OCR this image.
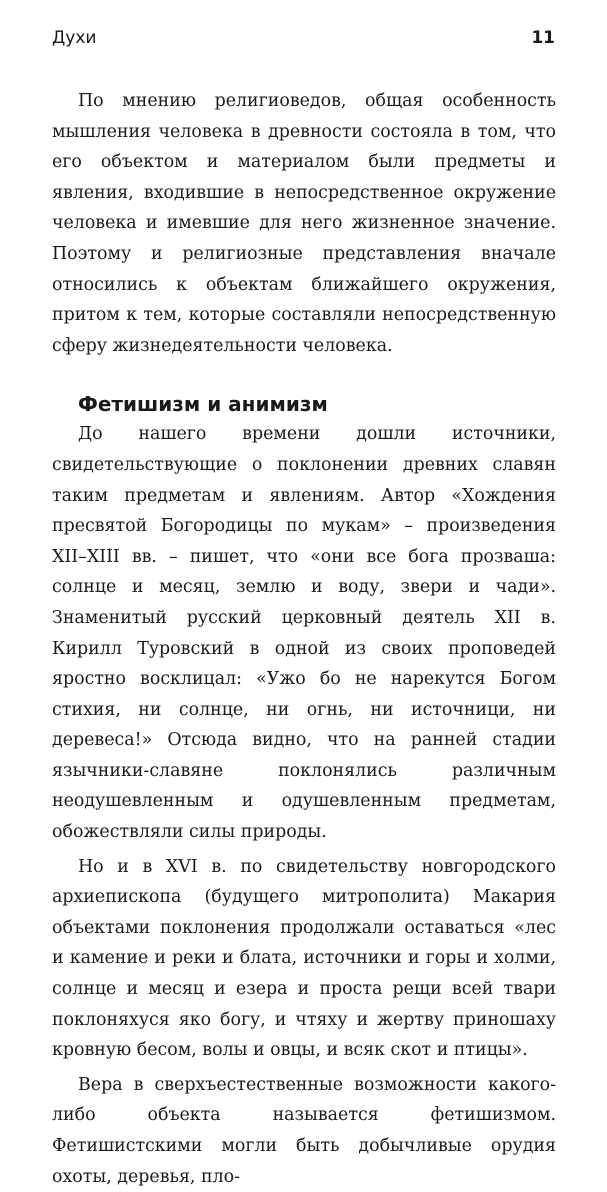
Духи	11

По мнению религиоведов, общая особенность мышления человека в древности состояла в том, что его объектом и материалом были предметы и явления, входившие в непосредственное окружение человека и имевшие для него жизненное значение. Поэтому и религиозные представления вначале относились к объектам ближайшего окружения, притом к тем, которые составляли непосредственную сферу жизнедеятельности человека.

Фетишизм и анимизм

До нашего времени дошли источники, свидетельствующие о поклонении древних славян таким предметам и явлениям. Автор «Хождения пресвятой Богородицы по мукам» – произведения XII–XIII вв. – пишет, что «они все бога прозваша: солнце и месяц, землю и воду, звери и чади». Знаменитый русский церковный деятель XII в. Кирилл Туровский в одной из своих проповедей яростно восклицал: «Ужо бо не нарекутся Богом стихия, ни солнце, ни огнь, ни источници, ни деревеса!» Отсюда видно, что на ранней стадии язычники-славяне поклонялись различным неодушевленным и одушевленным предметам, обожествляли силы природы.

Но и в XVI в. по свидетельству новгородского архиепископа (будущего митрополита) Макария объектами поклонения продолжали оставаться «лес и камение и реки и блата, источники и горы и холми, солнце и месяц и езера и проста рещи всей твари поклоняхуся яко богу, и чтяху и жертву приношаху кровную бесом, волы и овцы, и всяк скот и птицы».

Вера в сверхъестественные возможности какого-либо объекта называется фетишизмом. Фетишистскими могли быть добычливые орудия охоты, деревья, пло-
